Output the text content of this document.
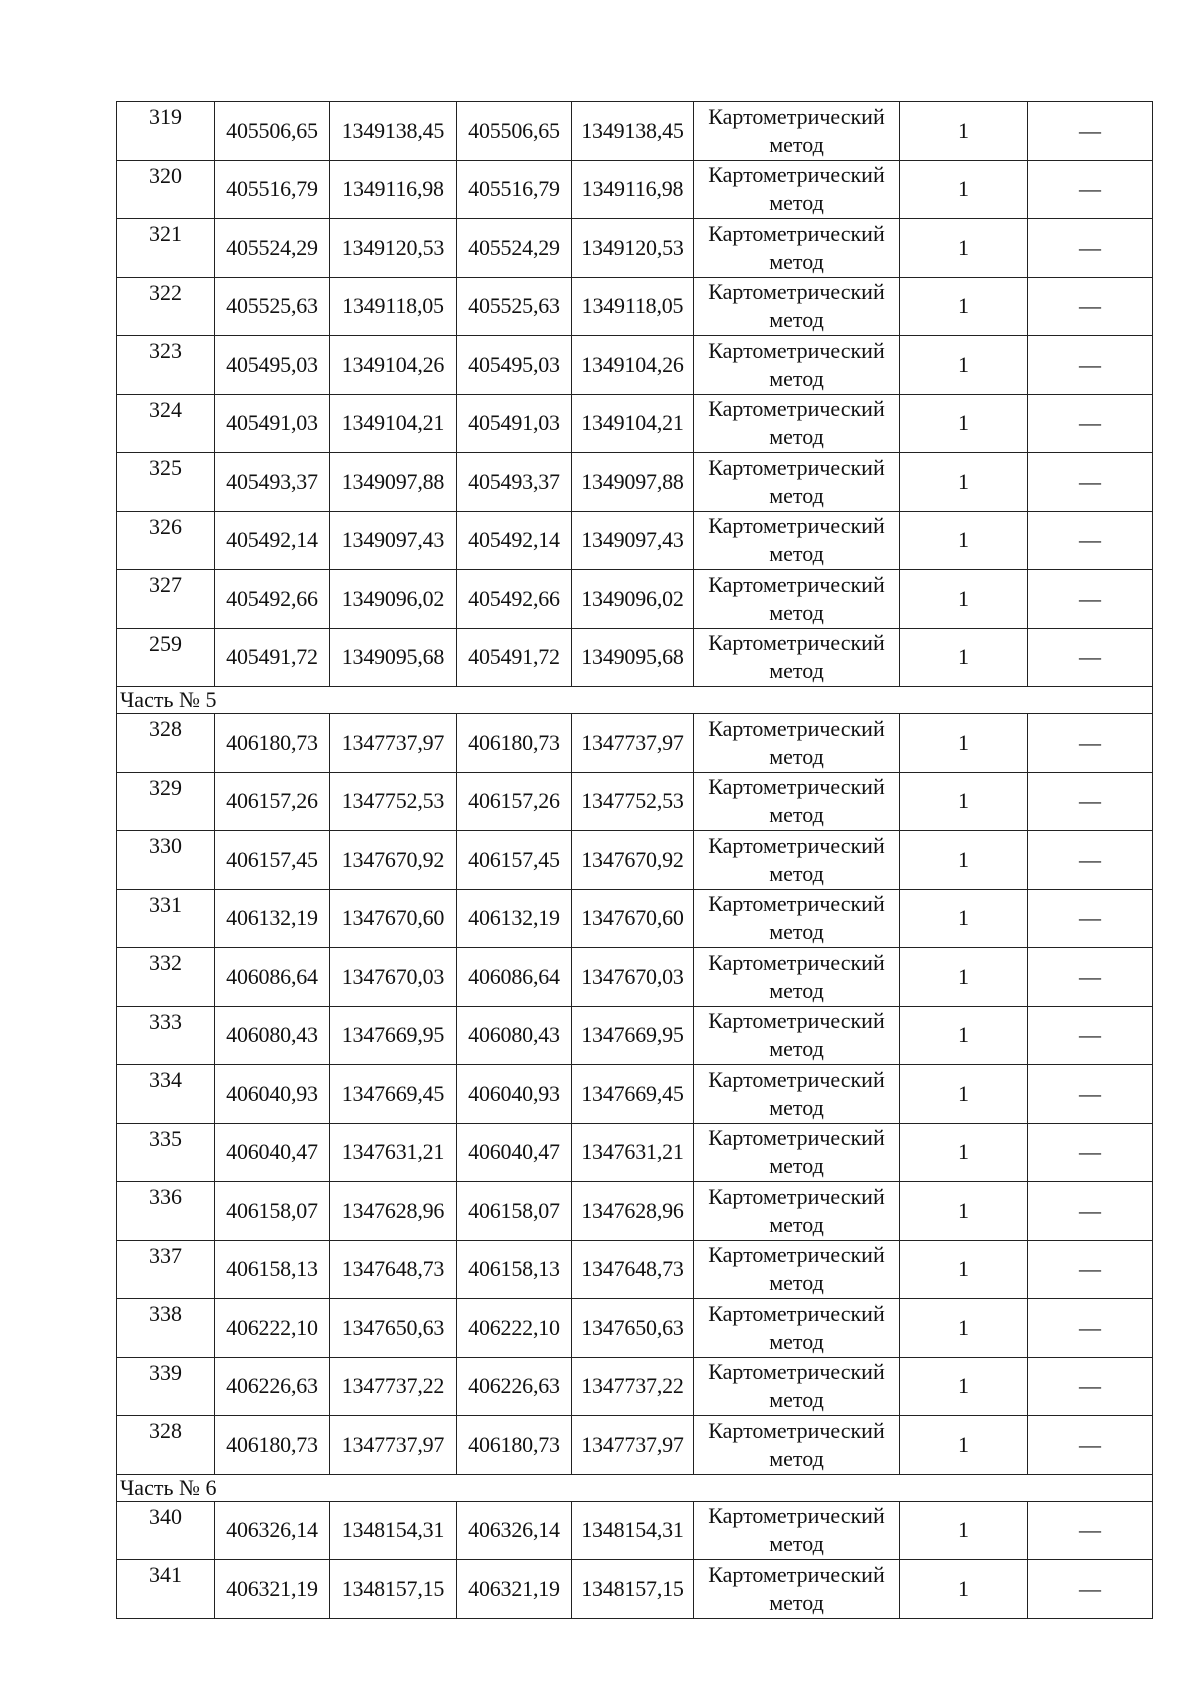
319	405506,65	1349138,45	405506,65	1349138,45	Картометрический
метод	1	—
320	405516,79	1349116,98	405516,79	1349116,98	Картометрический
метод	1	—
321	405524,29	1349120,53	405524,29	1349120,53	Картометрический
метод	1	—
322	405525,63	1349118,05	405525,63	1349118,05	Картометрический
метод	1	—
323	405495,03	1349104,26	405495,03	1349104,26	Картометрический
метод	1	—
324	405491,03	1349104,21	405491,03	1349104,21	Картометрический
метод	1	—
325	405493,37	1349097,88	405493,37	1349097,88	Картометрический
метод	1	—
326	405492,14	1349097,43	405492,14	1349097,43	Картометрический
метод	1	—
327	405492,66	1349096,02	405492,66	1349096,02	Картометрический
метод	1	—
259	405491,72	1349095,68	405491,72	1349095,68	Картометрический
метод	1	—
Часть № 5							
328	406180,73	1347737,97	406180,73	1347737,97	Картометрический
метод	1	—
329	406157,26	1347752,53	406157,26	1347752,53	Картометрический
метод	1	—
330	406157,45	1347670,92	406157,45	1347670,92	Картометрический
метод	1	—
331	406132,19	1347670,60	406132,19	1347670,60	Картометрический
метод	1	—
332	406086,64	1347670,03	406086,64	1347670,03	Картометрический
метод	1	—
333	406080,43	1347669,95	406080,43	1347669,95	Картометрический
метод	1	—
334	406040,93	1347669,45	406040,93	1347669,45	Картометрический
метод	1	—
335	406040,47	1347631,21	406040,47	1347631,21	Картометрический
метод	1	—
336	406158,07	1347628,96	406158,07	1347628,96	Картометрический
метод	1	—
337	406158,13	1347648,73	406158,13	1347648,73	Картометрический
метод	1	—
338	406222,10	1347650,63	406222,10	1347650,63	Картометрический
метод	1	—
339	406226,63	1347737,22	406226,63	1347737,22	Картометрический
метод	1	—
328	406180,73	1347737,97	406180,73	1347737,97	Картометрический
метод	1	—
Часть № 6							
340	406326,14	1348154,31	406326,14	1348154,31	Картометрический
метод	1	—
341	406321,19	1348157,15	406321,19	1348157,15	Картометрический
метод	1	—
